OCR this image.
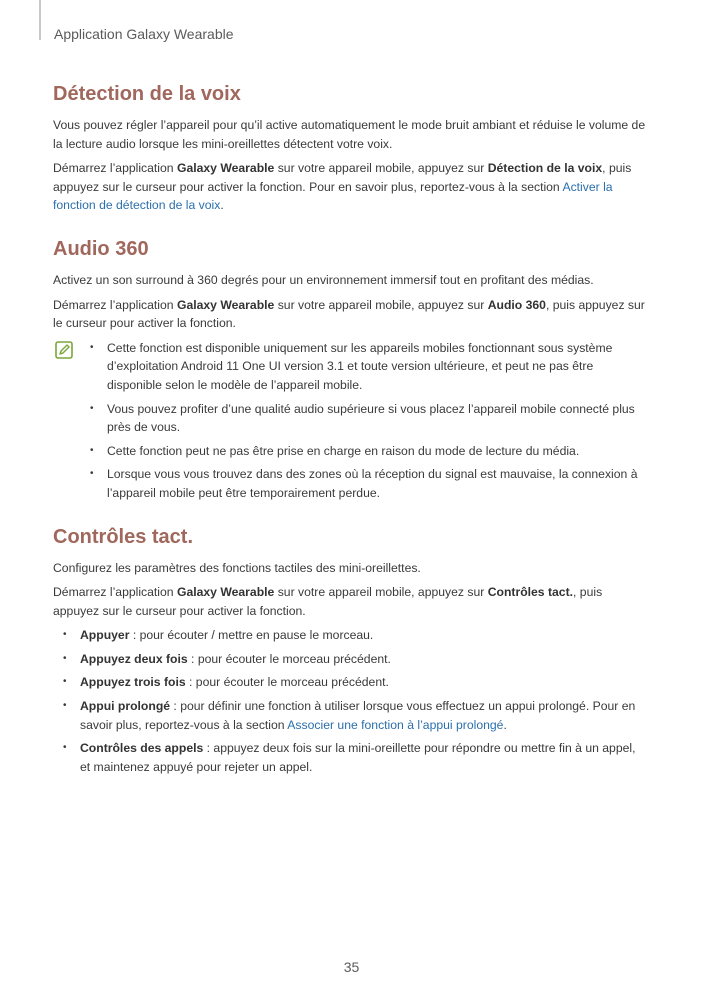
Application Galaxy Wearable
Détection de la voix

Vous pouvez régler l’appareil pour qu’il active automatiquement le mode bruit ambiant et réduise le volume de la lecture audio lorsque les mini-oreillettes détectent votre voix.

Démarrez l’application Galaxy Wearable sur votre appareil mobile, appuyez sur Détection de la voix, puis appuyez sur le curseur pour activer la fonction. Pour en savoir plus, reportez-vous à la section Activer la fonction de détection de la voix.

Audio 360

Activez un son surround à 360 degrés pour un environnement immersif tout en profitant des médias.

Démarrez l’application Galaxy Wearable sur votre appareil mobile, appuyez sur Audio 360, puis appuyez sur le curseur pour activer la fonction.

• Cette fonction est disponible uniquement sur les appareils mobiles fonctionnant sous système d’exploitation Android 11 One UI version 3.1 et toute version ultérieure, et peut ne pas être disponible selon le modèle de l’appareil mobile.
• Vous pouvez profiter d’une qualité audio supérieure si vous placez l’appareil mobile connecté plus près de vous.
• Cette fonction peut ne pas être prise en charge en raison du mode de lecture du média.
• Lorsque vous vous trouvez dans des zones où la réception du signal est mauvaise, la connexion à l’appareil mobile peut être temporairement perdue.
Contrôles tact.

Configurez les paramètres des fonctions tactiles des mini-oreillettes.

Démarrez l’application Galaxy Wearable sur votre appareil mobile, appuyez sur Contrôles tact., puis appuyez sur le curseur pour activer la fonction.

• Appuyer : pour écouter / mettre en pause le morceau.
• Appuyez deux fois : pour écouter le morceau précédent.
• Appuyez trois fois : pour écouter le morceau précédent.
• Appui prolongé : pour définir une fonction à utiliser lorsque vous effectuez un appui prolongé. Pour en savoir plus, reportez-vous à la section Associer une fonction à l’appui prolongé.
• Contrôles des appels : appuyez deux fois sur la mini-oreillette pour répondre ou mettre fin à un appel, et maintenez appuyé pour rejeter un appel.
35
